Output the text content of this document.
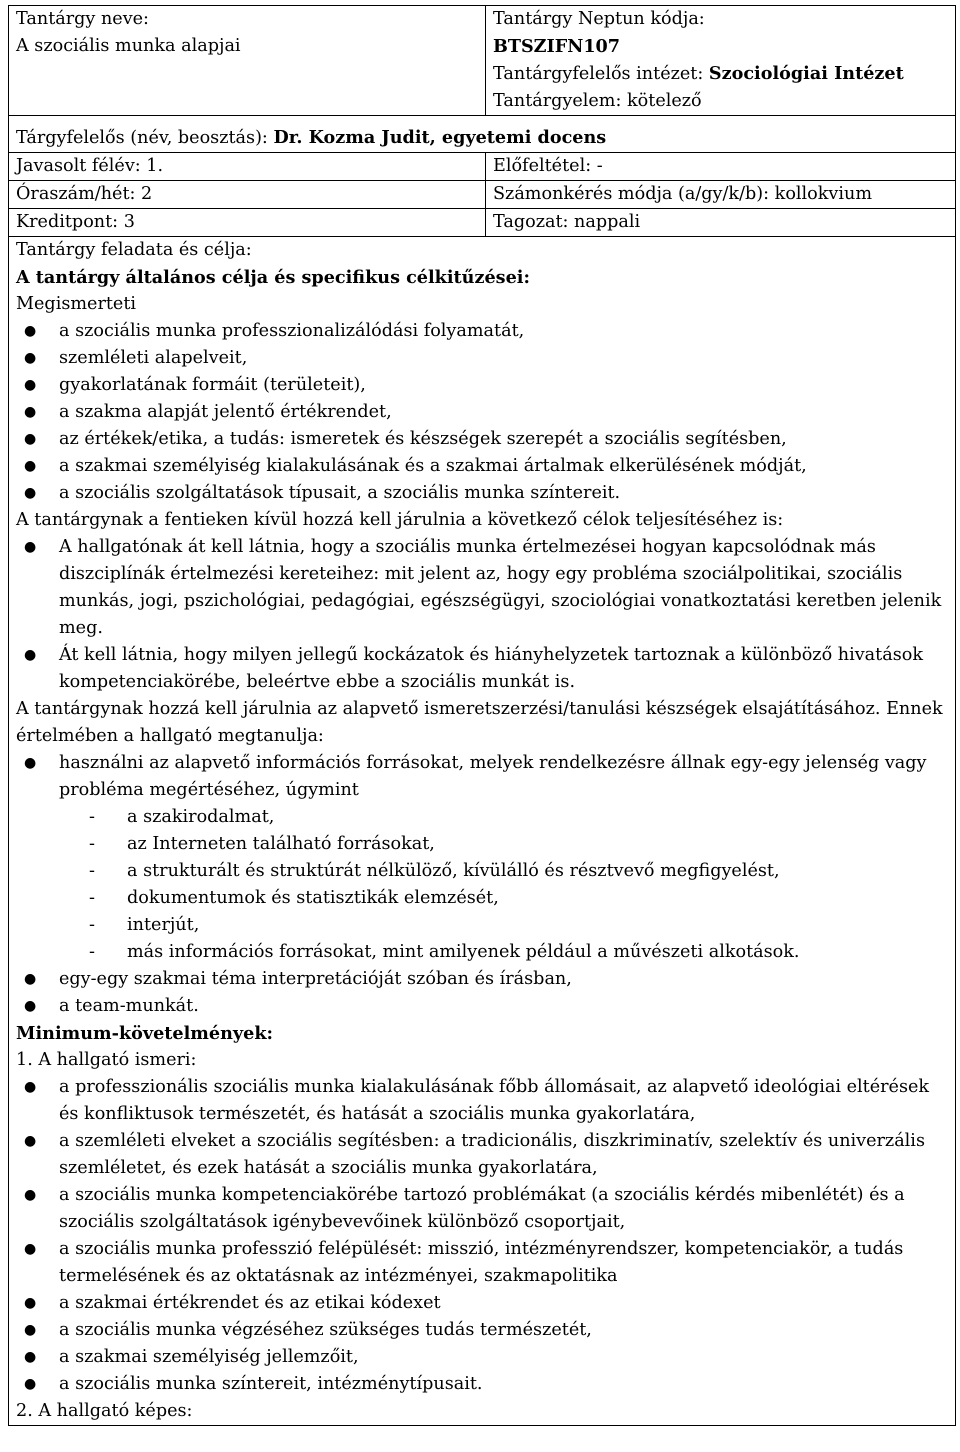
Tantárgy neve:
A szociális munka alapjai
Tantárgy Neptun kódja:
BTSZIFN107
Tantárgyfelelős intézet: Szociológiai Intézet
Tantárgyelem: kötelező
Tárgyfelelős (név, beosztás): Dr. Kozma Judit, egyetemi docens
Javasolt félév: 1.	Előfeltétel: -
Óraszám/hét: 2	Számonkérés módja (a/gy/k/b): kollokvium
Kreditpont: 3	Tagozat: nappali
Tantárgy feladata és célja:
A tantárgy általános célja és specifikus célkitűzései:
Megismerteti
●	a szociális munka professzionalizálódási folyamatát,
●	szemléleti alapelveit,
●	gyakorlatának formáit (területeit),
●	a szakma alapját jelentő értékrendet,
●	az értékek/etika, a tudás: ismeretek és készségek szerepét a szociális segítésben,
●	a szakmai személyiség kialakulásának és a szakmai ártalmak elkerülésének módját,
●	a szociális szolgáltatások típusait, a szociális munka színtereit.
A tantárgynak a fentieken kívül hozzá kell járulnia a következő célok teljesítéséhez is:
●	A hallgatónak át kell látnia, hogy a szociális munka értelmezései hogyan kapcsolódnak más diszciplínák értelmezési kereteihez: mit jelent az, hogy egy probléma szociálpolitikai, szociális munkás, jogi, pszichológiai, pedagógiai, egészségügyi, szociológiai vonatkoztatási keretben jelenik meg.
●	Át kell látnia, hogy milyen jellegű kockázatok és hiányhelyzetek tartoznak a különböző hivatások kompetenciakörébe, beleértve ebbe a szociális munkát is.
A tantárgynak hozzá kell járulnia az alapvető ismeretszerzési/tanulási készségek elsajátításához. Ennek értelmében a hallgató megtanulja:
●	használni az alapvető információs forrásokat, melyek rendelkezésre állnak egy-egy jelenség vagy probléma megértéséhez, úgymint
-	a szakirodalmat,
-	az Interneten található forrásokat,
-	a strukturált és struktúrát nélkülöző, kívülálló és résztvevő megfigyelést,
-	dokumentumok és statisztikák elemzését,
-	interjút,
-	más információs forrásokat, mint amilyenek például a művészeti alkotások.
●	egy-egy szakmai téma interpretációját szóban és írásban,
●	a team-munkát.
Minimum-követelmények:
1. A hallgató ismeri:
●	a professzionális szociális munka kialakulásának főbb állomásait, az alapvető ideológiai eltérések és konfliktusok természetét, és hatását a szociális munka gyakorlatára,
●	a szemléleti elveket a szociális segítésben: a tradicionális, diszkriminatív, szelektív és univerzális szemléletet, és ezek hatását a szociális munka gyakorlatára,
●	a szociális munka kompetenciakörébe tartozó problémákat (a szociális kérdés mibenlétét) és a szociális szolgáltatások igénybevevőinek különböző csoportjait,
●	a szociális munka professzió felépülését: misszió, intézményrendszer, kompetenciakör, a tudás termelésének és az oktatásnak az intézményei, szakmapolitika
●	a szakmai értékrendet és az etikai kódexet
●	a szociális munka végzéséhez szükséges tudás természetét,
●	a szakmai személyiség jellemzőit,
●	a szociális munka színtereit, intézménytípusait.
2. A hallgató képes:
